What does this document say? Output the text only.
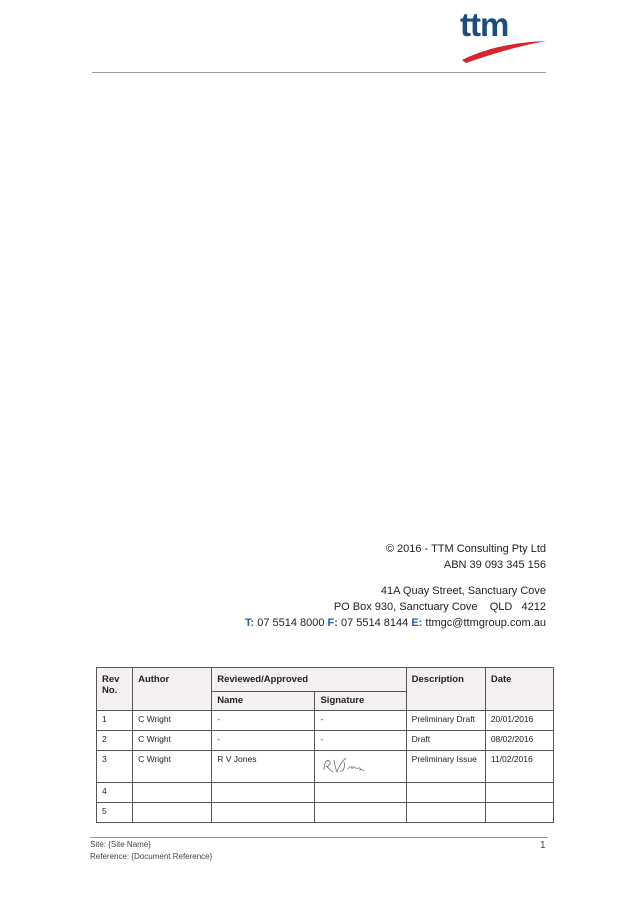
ttm
© 2016 - TTM Consulting Pty Ltd
ABN 39 093 345 156
41A Quay Street, Sanctuary Cove
PO Box 930, Sanctuary Cove    QLD   4212
T: 07 5514 8000 F: 07 5514 8144 E: ttmgc@ttmgroup.com.au
Rev No.	Author	Reviewed/Approved		Description	Date
		Name	Signature		
1	C Wright	-	-	Preliminary Draft	20/01/2016
2	C Wright	-	-	Draft	08/02/2016
3	C Wright	R V Jones		Preliminary Issue	11/02/2016
4					
5					
Site: {Site Name}
Reference: {Document Reference}
1
